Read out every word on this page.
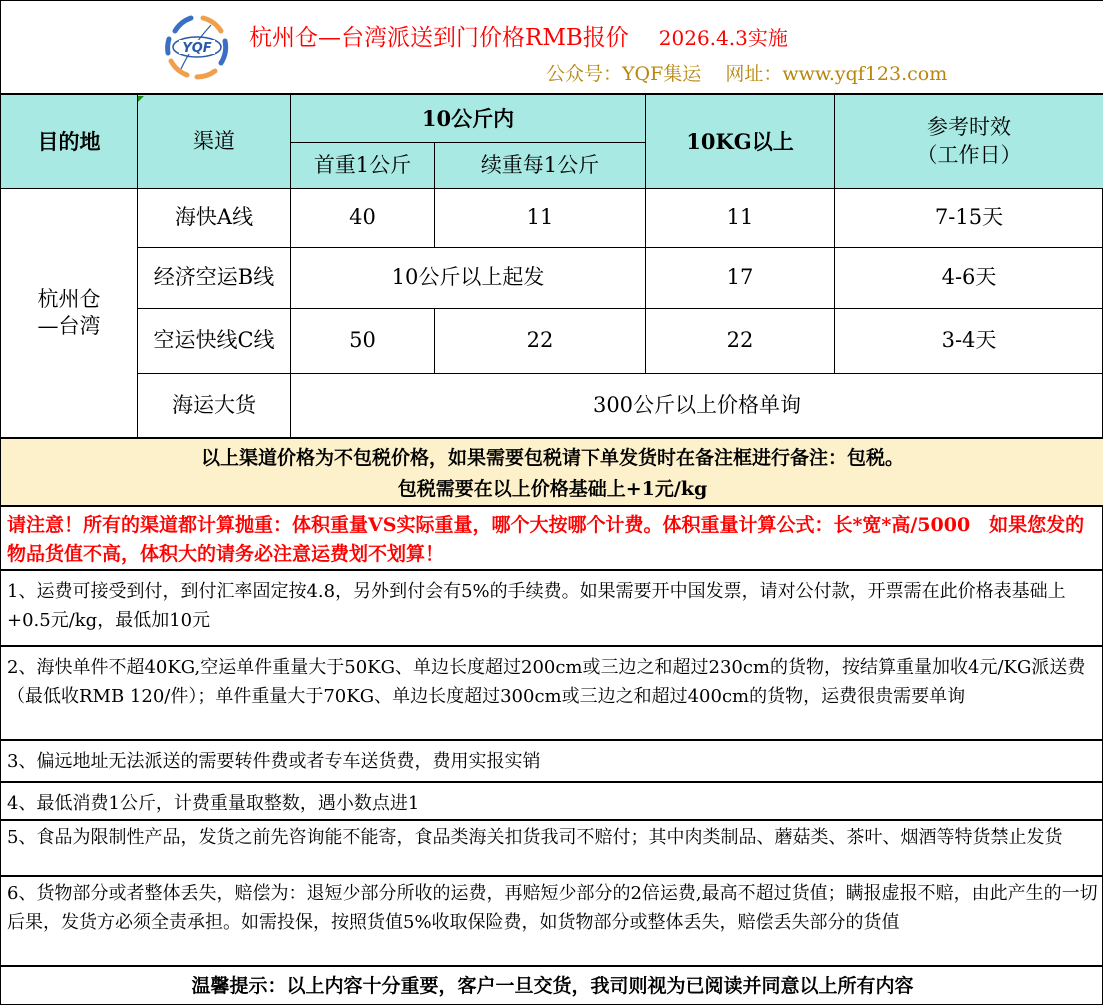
YQF 杭州仓—台湾派送到门价格RMB报价 2026.4.3实施
公众号：YQF集运 网址：www.yqf123.com
目的地	渠道
10公斤内
首重1公斤	续重每1公斤
10KG以上
参考时效
（工作日）
杭州仓—台湾
海快A线	40	11	11	7-15天
经济空运B线	10公斤以上起发	17	4-6天
空运快线C线	50	22	22	3-4天
海运大货	300公斤以上价格单询
以上渠道价格为不包税价格，如果需要包税请下单发货时在备注框进行备注：包税。
包税需要在以上价格基础上+1元/kg
请注意！所有的渠道都计算抛重：体积重量VS实际重量，哪个大按哪个计费。体积重量计算公式：长*宽*高/5000　如果您发的物品货值不高，体积大的请务必注意运费划不划算！
1、运费可接受到付，到付汇率固定按4.8，另外到付会有5%的手续费。如果需要开中国发票，请对公付款，开票需在此价格表基础上+0.5元/kg，最低加10元
2、海快单件不超40KG,空运单件重量大于50KG、单边长度超过200cm或三边之和超过230cm的货物，按结算重量加收4元/KG派送费（最低收RMB 120/件）；单件重量大于70KG、单边长度超过300cm或三边之和超过400cm的货物，运费很贵需要单询
3、偏远地址无法派送的需要转件费或者专车送货费，费用实报实销
4、最低消费1公斤，计费重量取整数，遇小数点进1
5、食品为限制性产品，发货之前先咨询能不能寄，食品类海关扣货我司不赔付；其中肉类制品、蘑菇类、茶叶、烟酒等特货禁止发货
6、货物部分或者整体丢失，赔偿为：退短少部分所收的运费，再赔短少部分的2倍运费,最高不超过货值；瞒报虚报不赔，由此产生的一切后果，发货方必须全责承担。如需投保，按照货值5%收取保险费，如货物部分或整体丢失，赔偿丢失部分的货值
温馨提示：以上内容十分重要，客户一旦交货，我司则视为已阅读并同意以上所有内容
